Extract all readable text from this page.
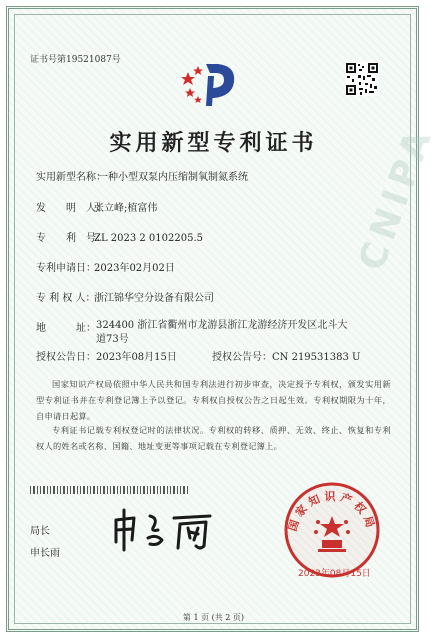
CNIPA
证书号第19521087号
实用新型专利证书
实用新型名称：一种小型双泵内压缩制氧制氮系统
发　　明　人：张立峰;植富伟
专　　利　号：ZL 2023 2 0102205.5
专利申请日：2023年02月02日
专 利 权 人：浙江锦华空分设备有限公司
地　　　址： 324400 浙江省衢州市龙游县浙江龙游经济开发区北斗大道73号
授权公告日：2023年08月15日	授权公告号：CN 219531383 U
国家知识产权局依照中华人民共和国专利法进行初步审查，决定授予专利权，颁发实用新型专利证书并在专利登记簿上予以登记。专利权自授权公告之日起生效。专利权期限为十年，自申请日起算。
专利证书记载专利权登记时的法律状况。专利权的转移、质押、无效、终止、恢复和专利权人的姓名或名称、国籍、地址变更等事项记载在专利登记簿上。
局长
申长雨
国家知识产权局
2023年08月15日
第 1 页 (共 2 页)
